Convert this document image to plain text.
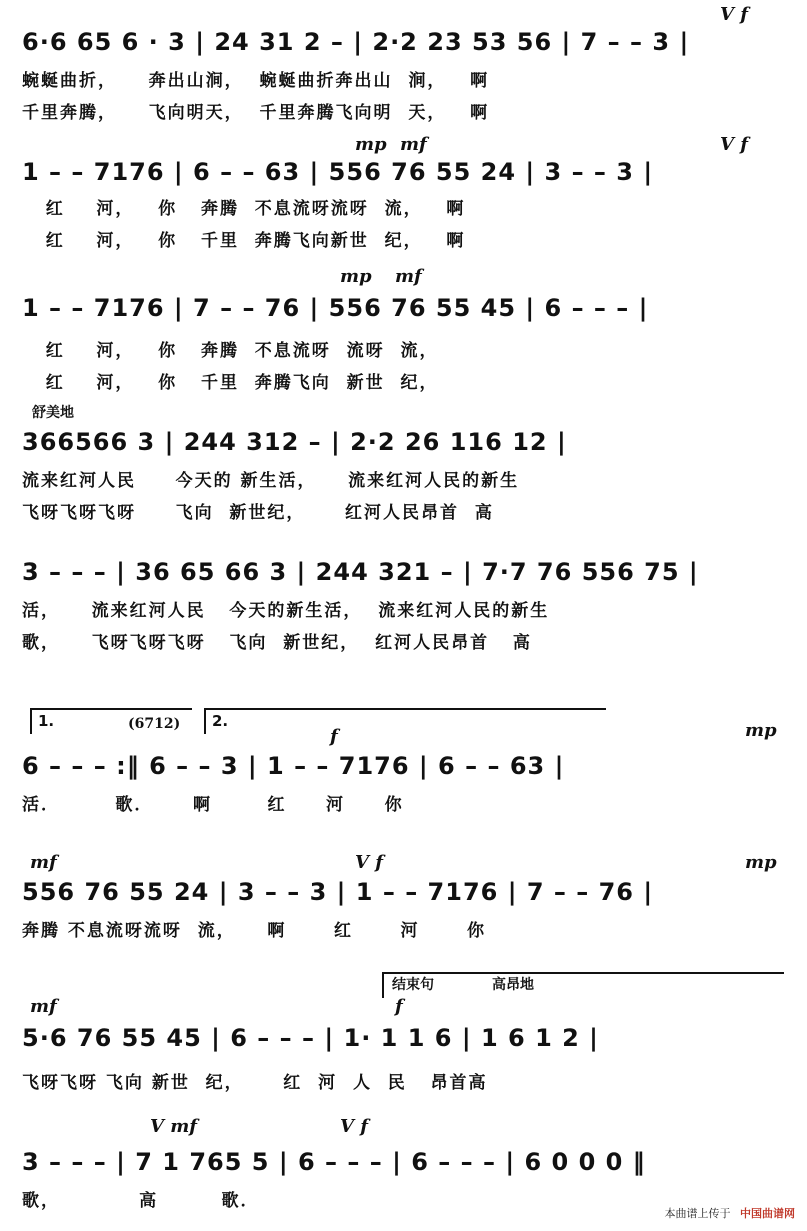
V f
6·6 65 6 · 3 | 24 31 2 – | 2·2 23 53 56 | 7 – – 3 |
蜿蜒曲折，    奔出山涧，  蜿蜒曲折奔出山  涧，   啊
千里奔腾，    飞向明天，  千里奔腾飞向明  天，   啊
mp mf	V f
1 – – 7176 | 6 – – 63 | 556 76 55 24 | 3 – – 3 |
红    河，   你   奔腾  不息流呀流呀  流，   啊
红    河，   你   千里  奔腾飞向新世  纪，   啊
mp mf
1 – – 7176 | 7 – – 76 | 556 76 55 45 | 6 – – – |
红    河，   你   奔腾  不息流呀  流呀  流，
红    河，   你   千里  奔腾飞向  新世  纪，
舒美地
366566 3 | 244 312 – | 2·2 26 116 12 |
流来红河人民     今天的 新生活，    流来红河人民的新生
飞呀飞呀飞呀     飞向  新世纪，     红河人民昂首  高
3 – – – | 36 65 66 3 | 244 321 – | 7·7 76 556 75 |
活，    流来红河人民   今天的新生活，  流来红河人民的新生
歌，    飞呀飞呀飞呀   飞向  新世纪，  红河人民昂首   高
1.	(6712) 2.
f	mp
6 – – – :‖ 6 – – 3 | 1 – – 7176 | 6 – – 63 |
活．       歌．     啊       红     河     你
mf	V f	mp
556 76 55 24 | 3 – – 3 | 1 – – 7176 | 7 – – 76 |
奔腾 不息流呀流呀  流，    啊      红      河      你
结束句	高昂地
mf	f
5·6 76 55 45 | 6 – – – | 1· 1 1 6 | 1 6 1 2 |
飞呀飞呀 飞向 新世  纪，     红  河  人  民   昂首高
V mf	V f
3 – – – | 7 1 765 5 | 6 – – – | 6 – – – | 6 0 0 0 ‖
歌，          高        歌．
本曲谱上传于 中国曲谱网
